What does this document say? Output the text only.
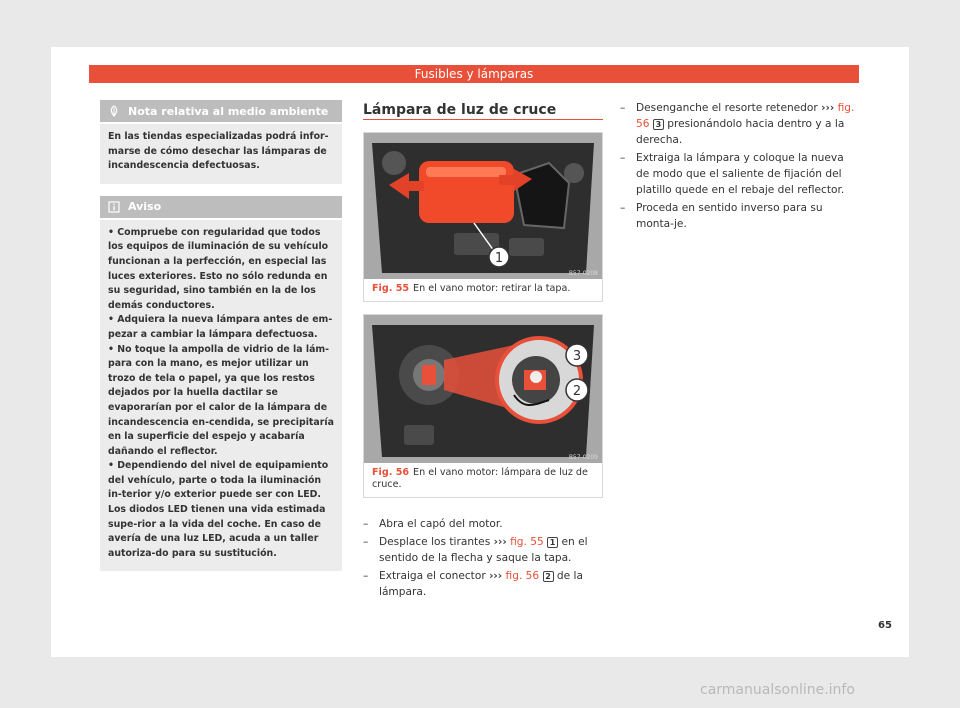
Fusibles y lámparas
Nota relativa al medio ambiente

En las tiendas especializadas podrá infor-marse de cómo desechar las lámparas de incandescencia defectuosas.

Aviso

• Compruebe con regularidad que todos los equipos de iluminación de su vehículo funcionan a la perfección, en especial las luces exteriores. Esto no sólo redunda en su seguridad, sino también en la de los demás conductores.

• Adquiera la nueva lámpara antes de em-pezar a cambiar la lámpara defectuosa.

• No toque la ampolla de vidrio de la lám-para con la mano, es mejor utilizar un trozo de tela o papel, ya que los restos dejados por la huella dactilar se evaporarían por el calor de la lámpara de incandescencia en-cendida, se precipitaría en la superficie del espejo y acabaría dañando el reflector.

• Dependiendo del nivel de equipamiento del vehículo, parte o toda la iluminación in-terior y/o exterior puede ser con LED. Los diodos LED tienen una vida estimada supe-rior a la vida del coche. En caso de avería de una luz LED, acuda a un taller autoriza-do para su sustitución.

Lámpara de luz de cruce
1
B57-0208
Fig. 55 En el vano motor: retirar la tapa.
3
2
B57-0209
Fig. 56 En el vano motor: lámpara de luz de cruce.
– Abra el capó del motor.
– Desplace los tirantes ››› fig. 55 1 en el sentido de la flecha y saque la tapa.
– Extraiga el conector ››› fig. 56 2 de la lámpara.
– Desenganche el resorte retenedor ››› fig. 56 3 presionándolo hacia dentro y a la derecha.
– Extraiga la lámpara y coloque la nueva de modo que el saliente de fijación del platillo quede en el rebaje del reflector.
– Proceda en sentido inverso para su monta-je.
65
carmanualsonline.info
